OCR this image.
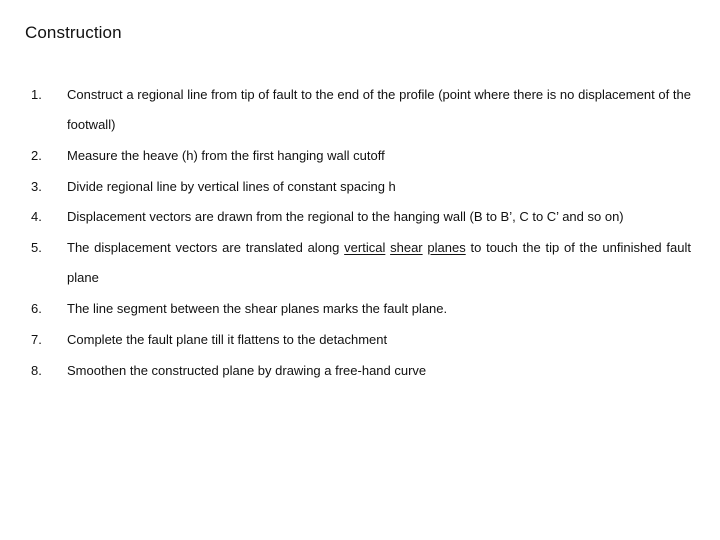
Construction
1.	Construct a regional line from tip of fault to the end of the profile (point where there is no displacement of the footwall)
2.	Measure the heave (h) from the first hanging wall cutoff
3.	Divide regional line by vertical lines of constant spacing h
4.	Displacement vectors are drawn from the regional to the hanging wall (B to B’, C to C’ and so on)
5.	The displacement vectors are translated along vertical shear planes to touch the tip of the unfinished fault plane
6.	The line segment between the shear planes marks the fault plane.
7.	Complete the fault plane till it flattens to the detachment
8.	Smoothen the constructed plane by drawing a free-hand curve
